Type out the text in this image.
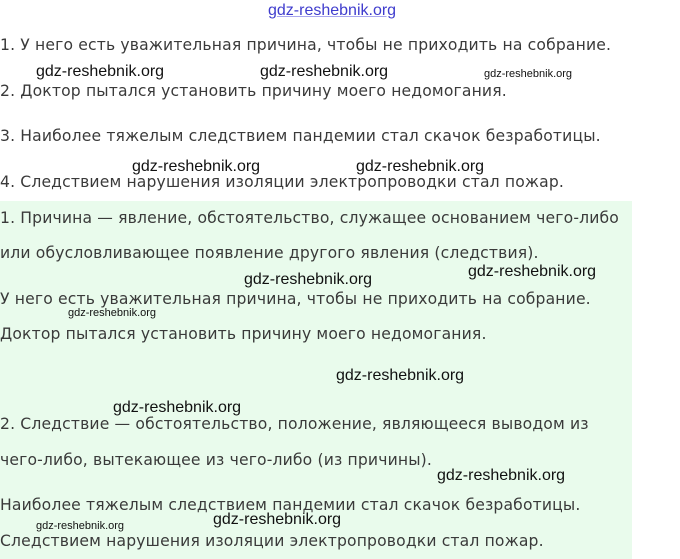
gdz-reshebnik.org
1. У него есть уважительная причина, чтобы не приходить на собрание.
2. Доктор пытался установить причину моего недомогания.
3. Наиболее тяжелым следствием пандемии стал скачок безработицы.
4. Следствием нарушения изоляции электропроводки стал пожар.
1. Причина — явление, обстоятельство, служащее основанием чего-либо
или обусловливающее появление другого явления (следствия).
У него есть уважительная причина, чтобы не приходить на собрание.
Доктор пытался установить причину моего недомогания.
2. Следствие — обстоятельство, положение, являющееся выводом из
чего-либо, вытекающее из чего-либо (из причины).
Наиболее тяжелым следствием пандемии стал скачок безработицы.
Следствием нарушения изоляции электропроводки стал пожар.
gdz-reshebnik.org	gdz-reshebnik.org	gdz-reshebnik.org
gdz-reshebnik.org	gdz-reshebnik.org
gdz-reshebnik.org	gdz-reshebnik.org
gdz-reshebnik.org
gdz-reshebnik.org
gdz-reshebnik.org
gdz-reshebnik.org
gdz-reshebnik.org
gdz-reshebnik.org
